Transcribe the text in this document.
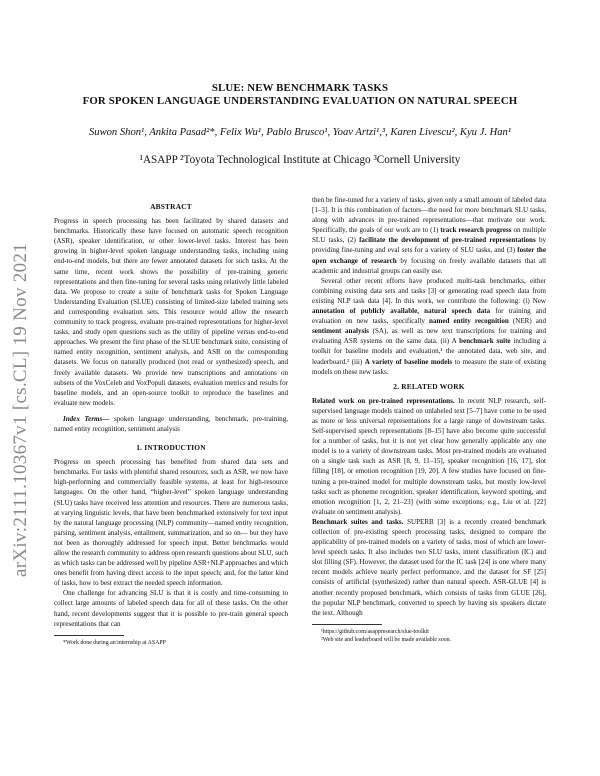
arXiv:2111.10367v1 [cs.CL] 19 Nov 2021
SLUE: NEW BENCHMARK TASKS
FOR SPOKEN LANGUAGE UNDERSTANDING EVALUATION ON NATURAL SPEECH
Suwon Shon¹, Ankita Pasad²*, Felix Wu¹, Pablo Brusco¹, Yoav Artzi¹,³, Karen Livescu², Kyu J. Han¹
¹ASAPP ²Toyota Technological Institute at Chicago ³Cornell University
ABSTRACT

Progress in speech processing has been facilitated by shared datasets and benchmarks. Historically these have focused on automatic speech recognition (ASR), speaker identification, or other lower-level tasks. Interest has been growing in higher-level spoken language understanding tasks, including using end-to-end models, but there are fewer annotated datasets for such tasks. At the same time, recent work shows the possibility of pre-training generic representations and then fine-tuning for several tasks using relatively little labeled data. We propose to create a suite of benchmark tasks for Spoken Language Understanding Evaluation (SLUE) consisting of limited-size labeled training sets and corresponding evaluation sets. This resource would allow the research community to track progress, evaluate pre-trained representations for higher-level tasks, and study open questions such as the utility of pipeline versus end-to-end approaches. We present the first phase of the SLUE benchmark suite, consisting of named entity recognition, sentiment analysis, and ASR on the corresponding datasets. We focus on naturally produced (not read or synthesized) speech, and freely available datasets. We provide new transcriptions and annotations on subsets of the VoxCeleb and VoxPopuli datasets, evaluation metrics and results for baseline models, and an open-source toolkit to reproduce the baselines and evaluate new models.

Index Terms— spoken language understanding, benchmark, pre-training, named entity recognition, sentiment analysis

1. INTRODUCTION

Progress on speech processing has benefited from shared data sets and benchmarks. For tasks with plentiful shared resources, such as ASR, we now have high-performing and commercially feasible systems, at least for high-resource languages. On the other hand, “higher-level” spoken language understanding (SLU) tasks have received less attention and resources. There are numerous tasks, at varying linguistic levels, that have been benchmarked extensively for text input by the natural language processing (NLP) community—named entity recognition, parsing, sentiment analysis, entailment, summarization, and so on— but they have not been as thoroughly addressed for speech input. Better benchmarks would allow the research community to address open research questions about SLU, such as which tasks can be addressed well by pipeline ASR+NLP approaches and which ones benefit from having direct access to the input speech; and, for the latter kind of tasks, how to best extract the needed speech information.

One challenge for advancing SLU is that it is costly and time-consuming to collect large amounts of labeled speech data for all of these tasks. On the other hand, recent developments suggest that it is possible to pre-train general speech representations that can

*Work done during an internship at ASAPP

then be fine-tuned for a variety of tasks, given only a small amount of labeled data [1–3]. It is this combination of factors—the need for more benchmark SLU tasks, along with advances in pre-trained representations—that motivate our work. Specifically, the goals of our work are to (1) track research progress on multiple SLU tasks, (2) facilitate the development of pre-trained representations by providing fine-tuning and eval sets for a variety of SLU tasks, and (3) foster the open exchange of research by focusing on freely available datasets that all academic and industrial groups can easily use.

Several other recent efforts have produced multi-task benchmarks, either combining existing data sets and tasks [3] or generating read speech data from existing NLP task data [4]. In this work, we contribute the following: (i) New annotation of publicly available, natural speech data for training and evaluation on new tasks, specifically named entity recognition (NER) and sentiment analysis (SA), as well as new text transcriptions for training and evaluating ASR systems on the same data. (ii) A benchmark suite including a toolkit for baseline models and evaluation,¹ the annotated data, web site, and leaderboard.² (iii) A variety of baseline models to measure the state of existing models on these new tasks.

2. RELATED WORK

Related work on pre-trained representations. In recent NLP research, self-supervised language models trained on unlabeled text [5–7] have come to be used as more or less universal representations for a large range of downstream tasks. Self-supervised speech representations [8–15] have also become quite successful for a number of tasks, but it is not yet clear how generally applicable any one model is to a variety of downstream tasks. Most pre-trained models are evaluated on a single task such as ASR [8, 9, 11–15], speaker recognition [16, 17], slot filling [18], or emotion recognition [19, 20]. A few studies have focused on fine-tuning a pre-trained model for multiple downstream tasks, but mostly low-level tasks such as phoneme recognition, speaker identification, keyword spotting, and emotion recognition [1, 2, 21–23] (with some exceptions; e.g., Liu et al. [22] evaluate on sentiment analysis).

Benchmark suites and tasks. SUPERB [3] is a recently created benchmark collection of pre-existing speech processing tasks, designed to compare the applicability of pre-trained models on a variety of tasks, most of which are lower-level speech tasks. It also includes two SLU tasks, intent classification (IC) and slot filling (SF). However, the dataset used for the IC task [24] is one where many recent models achieve nearly perfect performance, and the dataset for SF [25] consists of artificial (synthesized) rather than natural speech. ASR-GLUE [4] is another recently proposed benchmark, which consists of tasks from GLUE [26], the popular NLP benchmark, converted to speech by having six speakers dictate the text. Although

¹https://github.com/asappresearch/slue-toolkit

²Web site and leaderboard will be made available soon.
